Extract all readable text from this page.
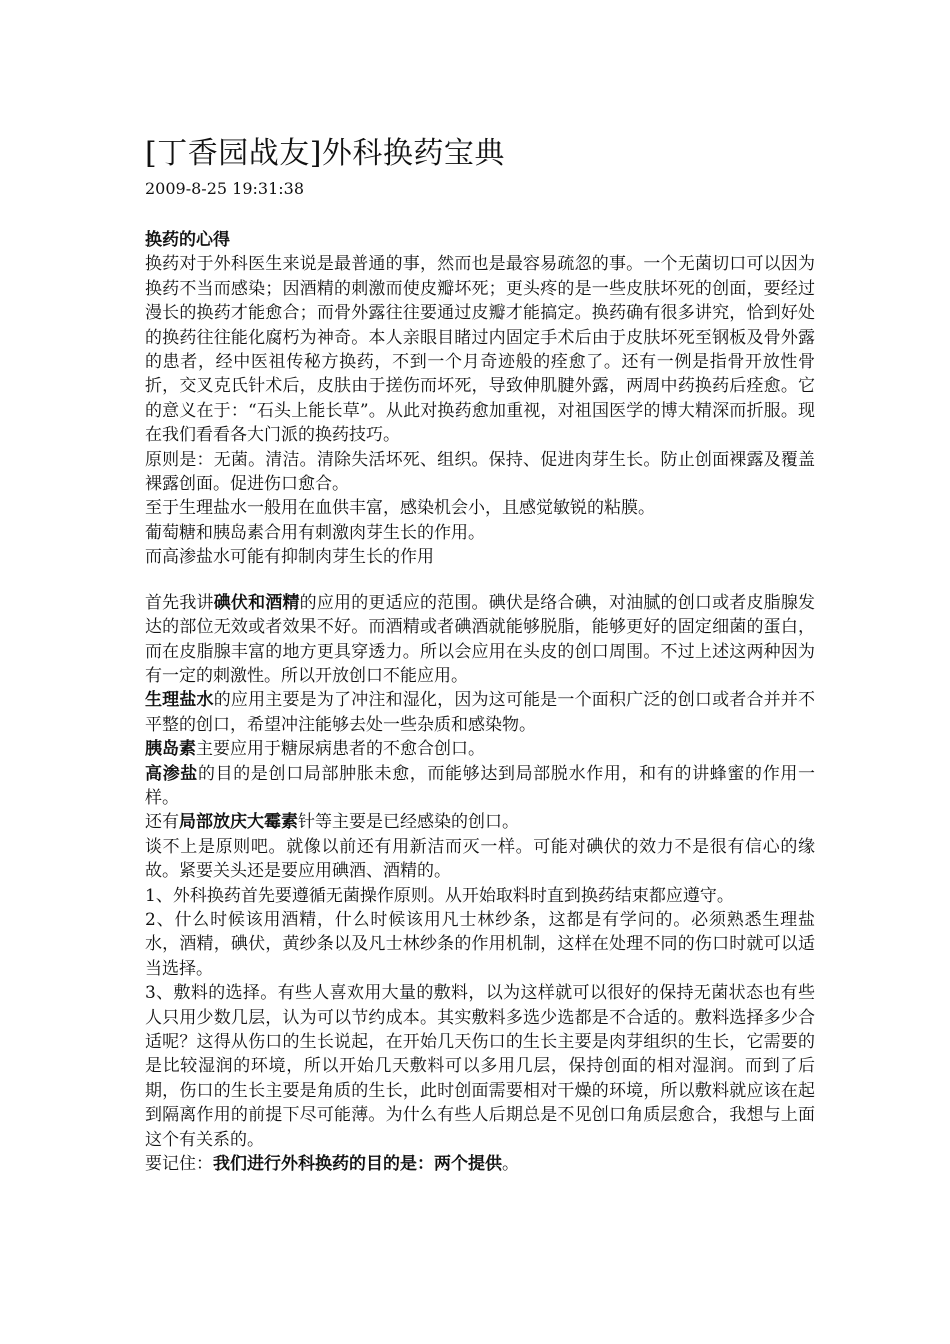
[丁香园战友]外科换药宝典
2009-8-25 19:31:38

换药的心得

换药对于外科医生来说是最普通的事，然而也是最容易疏忽的事。一个无菌切口可以因为换药不当而感染；因酒精的刺激而使皮瓣坏死；更头疼的是一些皮肤坏死的创面，要经过漫长的换药才能愈合；而骨外露往往要通过皮瓣才能搞定。换药确有很多讲究，恰到好处的换药往往能化腐朽为神奇。本人亲眼目睹过内固定手术后由于皮肤坏死至钢板及骨外露的患者，经中医祖传秘方换药，不到一个月奇迹般的痊愈了。还有一例是指骨开放性骨折，交叉克氏针术后，皮肤由于搓伤而坏死，导致伸肌腱外露，两周中药换药后痊愈。它的意义在于：“石头上能长草”。从此对换药愈加重视，对祖国医学的博大精深而折服。现在我们看看各大门派的换药技巧。

原则是：无菌。清洁。清除失活坏死、组织。保持、促进肉芽生长。防止创面裸露及覆盖裸露创面。促进伤口愈合。

至于生理盐水一般用在血供丰富，感染机会小，且感觉敏锐的粘膜。

葡萄糖和胰岛素合用有刺激肉芽生长的作用。

而高渗盐水可能有抑制肉芽生长的作用

首先我讲碘伏和酒精的应用的更适应的范围。碘伏是络合碘，对油腻的创口或者皮脂腺发达的部位无效或者效果不好。而酒精或者碘酒就能够脱脂，能够更好的固定细菌的蛋白，而在皮脂腺丰富的地方更具穿透力。所以会应用在头皮的创口周围。不过上述这两种因为有一定的刺激性。所以开放创口不能应用。

生理盐水的应用主要是为了冲注和湿化，因为这可能是一个面积广泛的创口或者合并并不平整的创口，希望冲注能够去处一些杂质和感染物。

胰岛素主要应用于糖尿病患者的不愈合创口。

高渗盐的目的是创口局部肿胀未愈，而能够达到局部脱水作用，和有的讲蜂蜜的作用一样。

还有局部放庆大霉素针等主要是已经感染的创口。

谈不上是原则吧。就像以前还有用新洁而灭一样。可能对碘伏的效力不是很有信心的缘故。紧要关头还是要应用碘酒、酒精的。

1、外科换药首先要遵循无菌操作原则。从开始取料时直到换药结束都应遵守。

2、什么时候该用酒精，什么时候该用凡士林纱条，这都是有学问的。必须熟悉生理盐水，酒精，碘伏，黄纱条以及凡士林纱条的作用机制，这样在处理不同的伤口时就可以适当选择。

3、敷料的选择。有些人喜欢用大量的敷料，以为这样就可以很好的保持无菌状态也有些人只用少数几层，认为可以节约成本。其实敷料多选少选都是不合适的。敷料选择多少合适呢？这得从伤口的生长说起，在开始几天伤口的生长主要是肉芽组织的生长，它需要的是比较湿润的环境，所以开始几天敷料可以多用几层，保持创面的相对湿润。而到了后期，伤口的生长主要是角质的生长，此时创面需要相对干燥的环境，所以敷料就应该在起到隔离作用的前提下尽可能薄。为什么有些人后期总是不见创口角质层愈合，我想与上面这个有关系的。

要记住：我们进行外科换药的目的是：两个提供。
